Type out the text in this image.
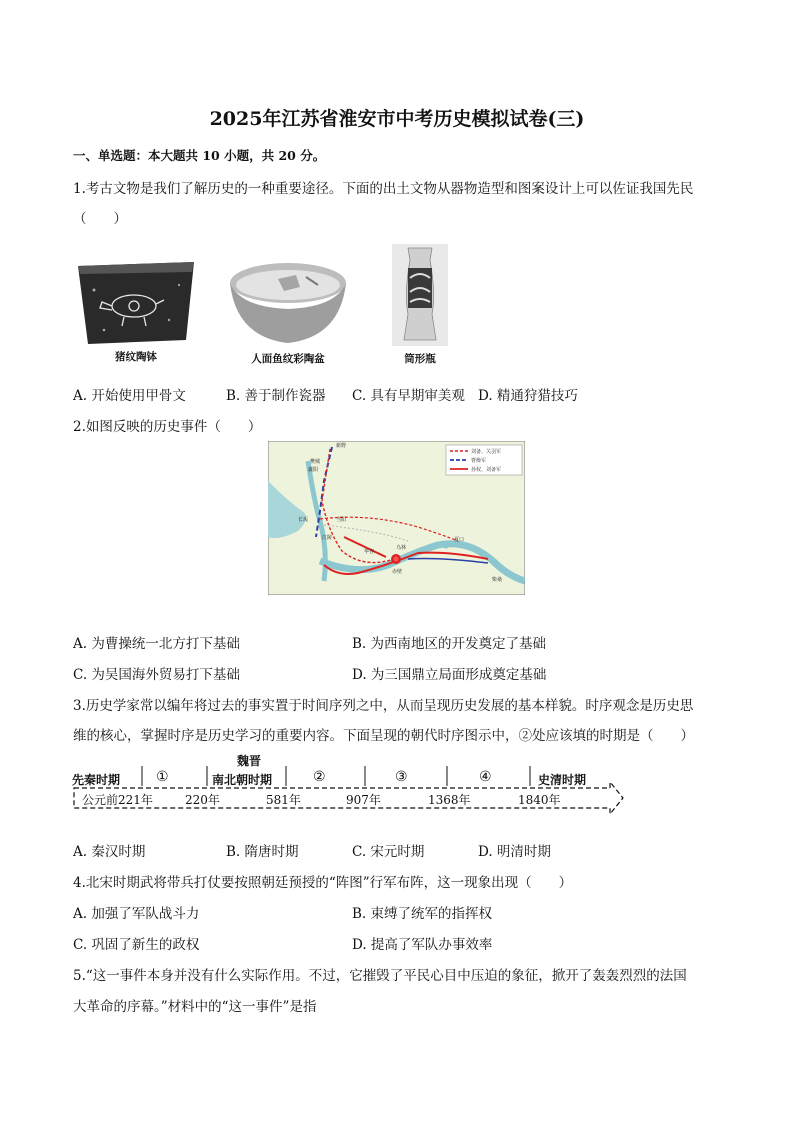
2025年江苏省淮安市中考历史模拟试卷(三)
一、单选题：本大题共 10 小题，共 20 分。
1.考古文物是我们了解历史的一种重要途径。下面的出土文物从器物造型和图案设计上可以佐证我国先民
（　　）
猪纹陶钵	人面鱼纹彩陶盆	筒形瓶
A. 开始使用甲骨文	B. 善于制作瓷器 C. 具有早期审美观 D. 精通狩猎技巧
2.如图反映的历史事件（　　）
刘备、关羽军
曹操军
孙权、刘备军
新野
樊城
襄阳
长坂	当阳
江陵
乌林
华容
赤壁
夏口
柴桑
A. 为曹操统一北方打下基础	B. 为西南地区的开发奠定了基础
C. 为吴国海外贸易打下基础	D. 为三国鼎立局面形成奠定基础
3.历史学家常以编年将过去的事实置于时间序列之中，从而呈现历史发展的基本样貌。时序观念是历史思
维的核心，掌握时序是历史学习的重要内容。下面呈现的朝代时序图示中，②处应该填的时期是（　　）
魏晋
先秦时期	①	南北朝时期	②	③	④	史清时期
公元前221年	220年	581年	907年	1368年	1840年
A. 秦汉时期	B. 隋唐时期	C. 宋元时期	D. 明清时期
4.北宋时期武将带兵打仗要按照朝廷预授的“阵图”行军布阵，这一现象出现（　　）
A. 加强了军队战斗力	B. 束缚了统军的指挥权
C. 巩固了新生的政权	D. 提高了军队办事效率
5.“这一事件本身并没有什么实际作用。不过，它摧毁了平民心目中压迫的象征，掀开了轰轰烈烈的法国
大革命的序幕。”材料中的“这一事件”是指
